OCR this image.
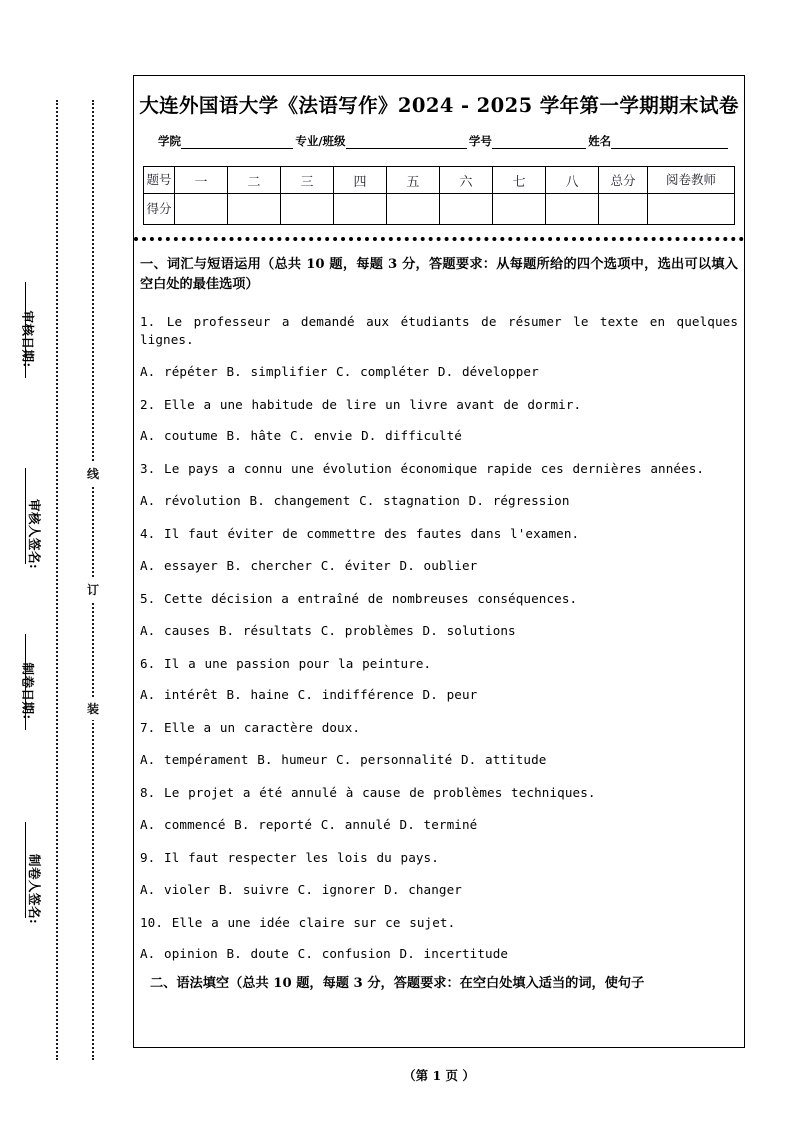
线
订
装
审核日期:
审核人签名:
制卷日期:
制卷人签名:
大连外国语大学《法语写作》2024 - 2025 学年第一学期期末试卷
学院	专业/班级	学号	姓名
题号	一	二	三	四	五	六	七	八	总分	阅卷教师
得分										
一、词汇与短语运用（总共 10 题，每题 3 分，答题要求：从每题所给的四个选项中，选出可以填入空白处的最佳选项）
1. Le professeur a demandé aux étudiants de résumer le texte en quelques lignes.
A. répéter B. simplifier C. compléter D. développer
2. Elle a une habitude de lire un livre avant de dormir.
A. coutume B. hâte C. envie D. difficulté
3. Le pays a connu une évolution économique rapide ces dernières années.
A. révolution B. changement C. stagnation D. régression
4. Il faut éviter de commettre des fautes dans l'examen.
A. essayer B. chercher C. éviter D. oublier
5. Cette décision a entraîné de nombreuses conséquences.
A. causes B. résultats C. problèmes D. solutions
6. Il a une passion pour la peinture.
A. intérêt B. haine C. indifférence D. peur
7. Elle a un caractère doux.
A. tempérament B. humeur C. personnalité D. attitude
8. Le projet a été annulé à cause de problèmes techniques.
A. commencé B. reporté C. annulé D. terminé
9. Il faut respecter les lois du pays.
A. violer B. suivre C. ignorer D. changer
10. Elle a une idée claire sur ce sujet.
A. opinion B. doute C. confusion D. incertitude
二、语法填空（总共 10 题，每题 3 分，答题要求：在空白处填入适当的词，使句子
（第 1 页 ）
